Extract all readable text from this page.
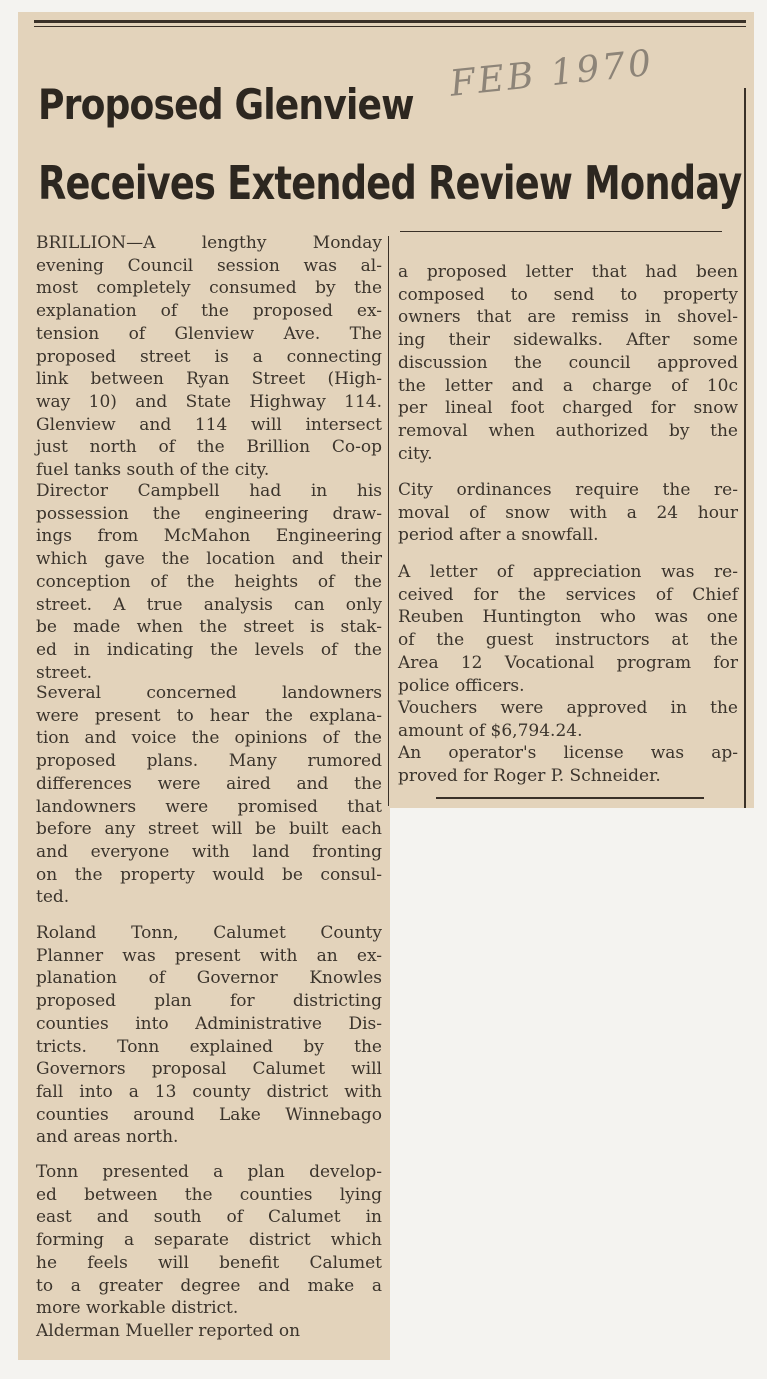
Proposed Glenview
Receives Extended Review Monday
FEB 1970
BRILLION—A lengthy Monday
evening Council session was al-
most completely consumed by the
explanation of the proposed ex-
tension of Glenview Ave. The
proposed street is a connecting
link between Ryan Street (High-
way 10) and State Highway 114.
Glenview and 114 will intersect
just north of the Brillion Co-op
fuel tanks south of the city.
Director Campbell had in his
possession the engineering draw-
ings from McMahon Engineering
which gave the location and their
conception of the heights of the
street. A true analysis can only
be made when the street is stak-
ed in indicating the levels of the
street.
Several concerned landowners
were present to hear the explana-
tion and voice the opinions of the
proposed plans. Many rumored
differences were aired and the
landowners were promised that
before any street will be built each
and everyone with land fronting
on the property would be consul-
ted.
Roland Tonn, Calumet County
Planner was present with an ex-
planation of Governor Knowles
proposed plan for districting
counties into Administrative Dis-
tricts. Tonn explained by the
Governors proposal Calumet will
fall into a 13 county district with
counties around Lake Winnebago
and areas north.
Tonn presented a plan develop-
ed between the counties lying
east and south of Calumet in
forming a separate district which
he feels will benefit Calumet
to a greater degree and make a
more workable district.
Alderman Mueller reported on
a proposed letter that had been
composed to send to property
owners that are remiss in shovel-
ing their sidewalks. After some
discussion the council approved
the letter and a charge of 10c
per lineal foot charged for snow
removal when authorized by the
city.
City ordinances require the re-
moval of snow with a 24 hour
period after a snowfall.
A letter of appreciation was re-
ceived for the services of Chief
Reuben Huntington who was one
of the guest instructors at the
Area 12 Vocational program for
police officers.
Vouchers were approved in the
amount of $6,794.24.
An operator's license was ap-
proved for Roger P. Schneider.
